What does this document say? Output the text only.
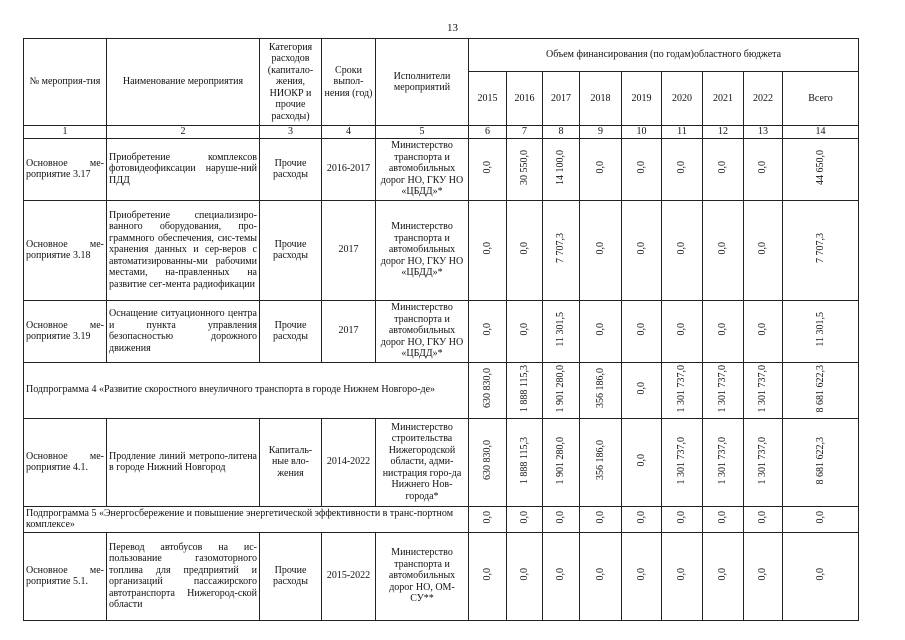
13
№ мероприя-тия	Наименование мероприятия	Категория расходов (капитало-жения, НИОКР и прочие расходы)	Сроки выпол-нения (год)	Исполнители мероприятий	Объем финансирования (по годам)областного бюджета								
					2015	2016	2017	2018	2019	2020	2021	2022	Всего
1	2	3	4	5	6	7	8	9	10	11	12	13	14
Основное ме-роприятие 3.17	Приобретение комплексов фотовидеофиксации наруше-ний ПДД	Прочие расходы	2016-2017	Министерство транспорта и автомобильных дорог НО, ГКУ НО «ЦБДД»*	0,0	30 550,0	14 100,0	0,0	0,0	0,0	0,0	0,0	44 650,0
Основное ме-роприятие 3.18	Приобретение специализиро-ванного оборудования, про-граммного обеспечения, сис-темы хранения данных и сер-веров с автоматизированны-ми рабочими местами, на-правленных на развитие сег-мента радиофикации	Прочие расходы	2017	Министерство транспорта и автомобильных дорог НО, ГКУ НО «ЦБДД»*	0,0	0,0	7 707,3	0,0	0,0	0,0	0,0	0,0	7 707,3
Основное ме-роприятие 3.19	Оснащение ситуационного центра и пункта управления безопасностью дорожного движения	Прочие расходы	2017	Министерство транспорта и автомобильных дорог НО, ГКУ НО «ЦБДД»*	0,0	0,0	11 301,5	0,0	0,0	0,0	0,0	0,0	11 301,5
Подпрограмма 4 «Развитие скоростного внеуличного транспорта в городе Нижнем Новгоро-де»					630 830,0	1 888 115,3	1 901 280,0	356 186,0	0,0	1 301 737,0	1 301 737,0	1 301 737,0	8 681 622,3
Основное ме-роприятие 4.1.	Продление линий метропо-литена в городе Нижний Новгород	Капиталь-ные вло-жения	2014-2022	Министерство строительства Нижегородской области, адми-нистрация горо-да Нижнего Нов-города*	630 830,0	1 888 115,3	1 901 280,0	356 186,0	0,0	1 301 737,0	1 301 737,0	1 301 737,0	8 681 622,3
Подпрограмма 5 «Энергосбережение и повышение энергетической эффективности в транс-портном комплексе»					0,0	0,0	0,0	0,0	0,0	0,0	0,0	0,0	0,0
Основное ме-роприятие 5.1.	Перевод автобусов на ис-пользование газомоторного топлива для предприятий и организаций пассажирского автотранспорта Нижегород-ской области	Прочие расходы	2015-2022	Министерство транспорта и автомобильных дорог НО, ОМ-СУ**	0,0	0,0	0,0	0,0	0,0	0,0	0,0	0,0	0,0
